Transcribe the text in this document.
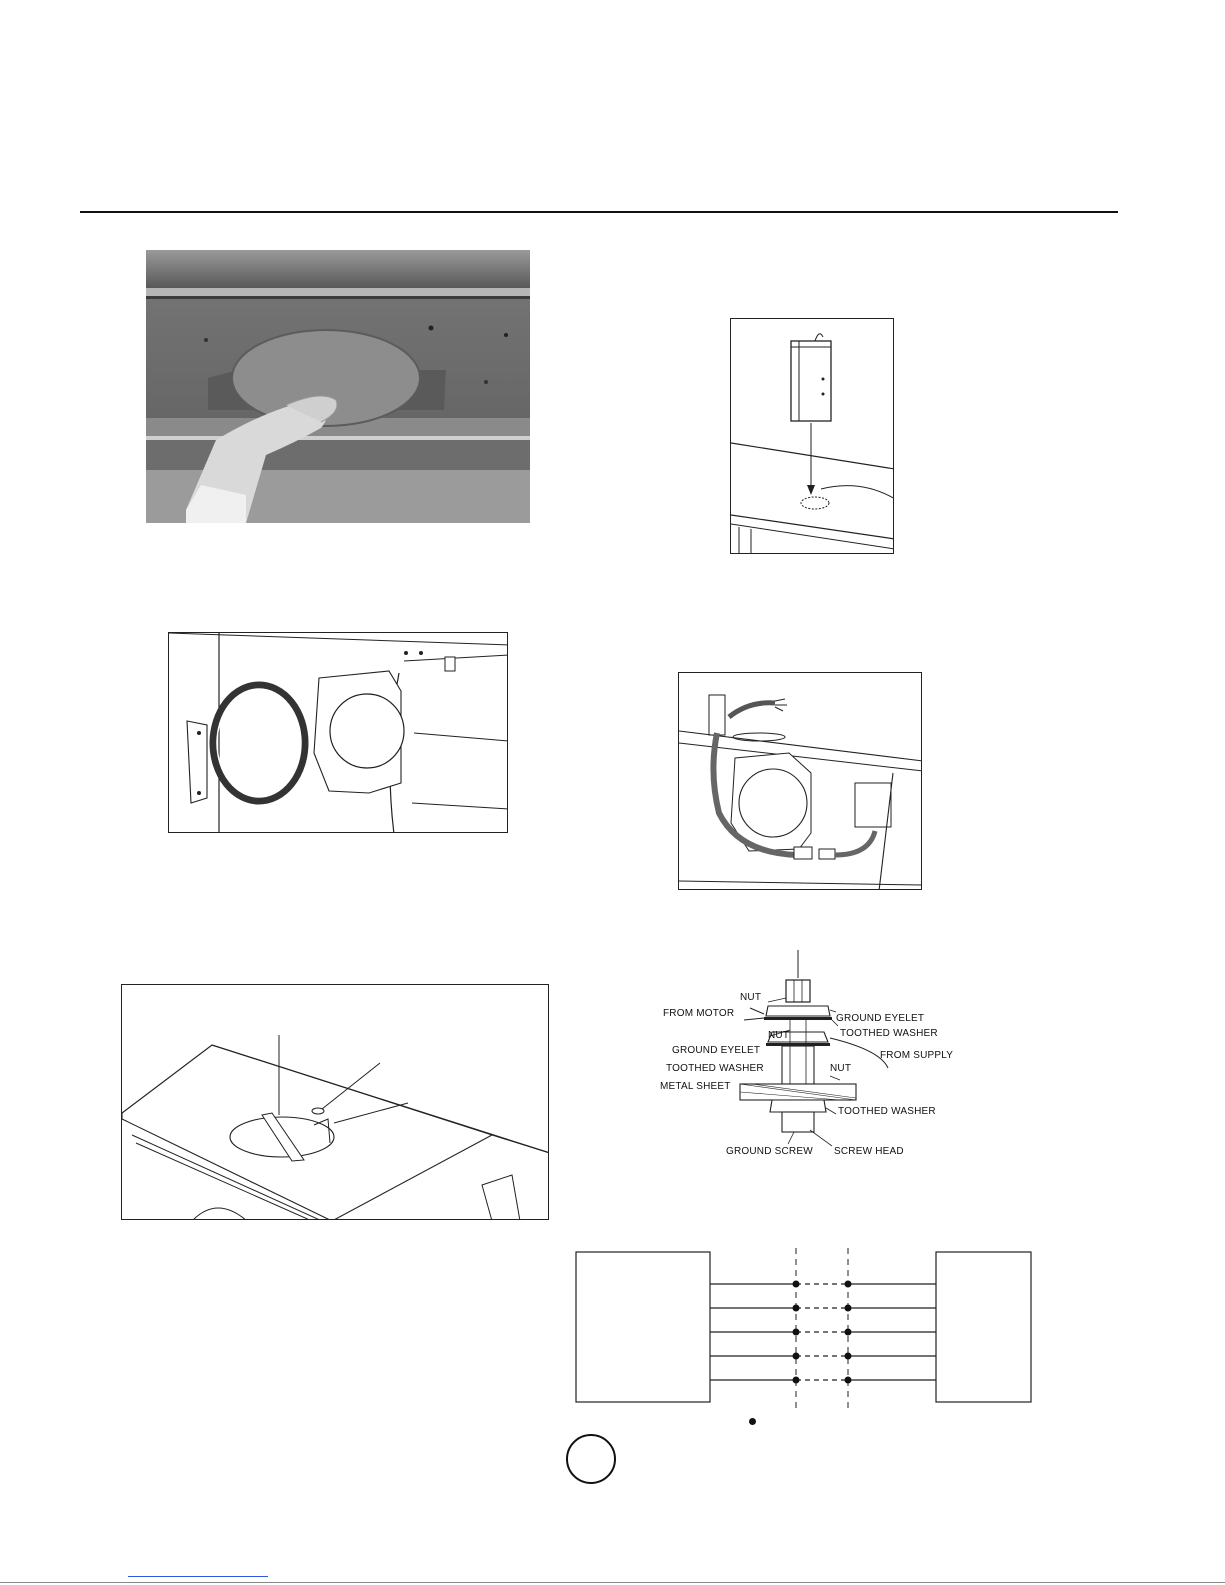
NUT
FROM MOTOR	GROUND EYELET
TOOTHED WASHER
NUT
GROUND EYELET	FROM SUPPLY
TOOTHED WASHER	NUT
METAL SHEET
TOOTHED WASHER
GROUND SCREW SCREW HEAD
